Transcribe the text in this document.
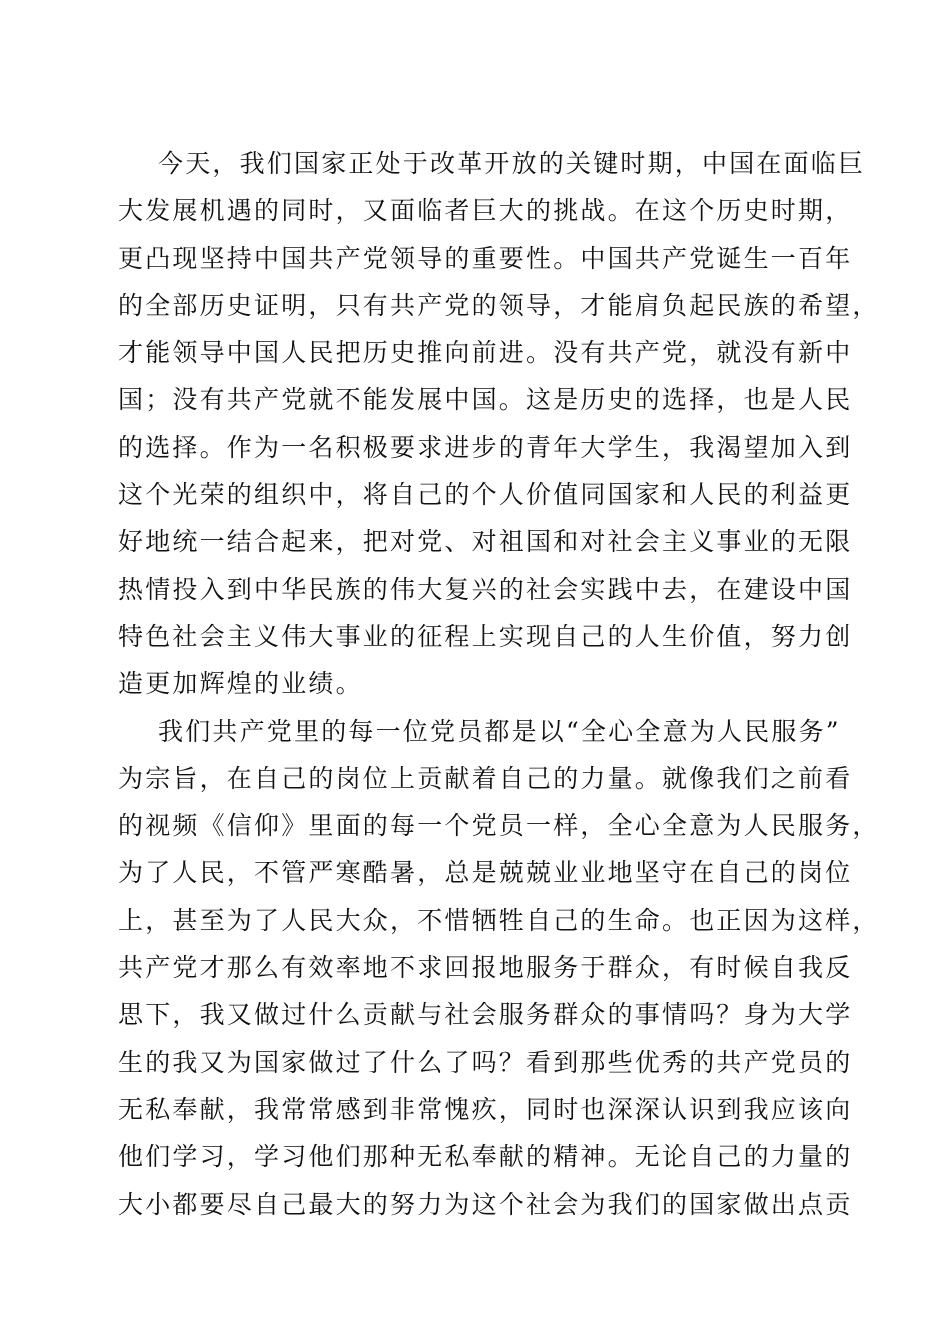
今天，我们国家正处于改革开放的关键时期，中国在面临巨
大发展机遇的同时，又面临者巨大的挑战。在这个历史时期，
更凸现坚持中国共产党领导的重要性。中国共产党诞生一百年
的全部历史证明，只有共产党的领导，才能肩负起民族的希望，
才能领导中国人民把历史推向前进。没有共产党，就没有新中
国；没有共产党就不能发展中国。这是历史的选择，也是人民
的选择。作为一名积极要求进步的青年大学生，我渴望加入到
这个光荣的组织中，将自己的个人价值同国家和人民的利益更
好地统一结合起来，把对党、对祖国和对社会主义事业的无限
热情投入到中华民族的伟大复兴的社会实践中去，在建设中国
特色社会主义伟大事业的征程上实现自己的人生价值，努力创
造更加辉煌的业绩。
我们共产党里的每一位党员都是以“全心全意为人民服务”
为宗旨，在自己的岗位上贡献着自己的力量。就像我们之前看
的视频《信仰》里面的每一个党员一样，全心全意为人民服务，
为了人民，不管严寒酷暑，总是兢兢业业地坚守在自己的岗位
上，甚至为了人民大众，不惜牺牲自己的生命。也正因为这样，
共产党才那么有效率地不求回报地服务于群众，有时候自我反
思下，我又做过什么贡献与社会服务群众的事情吗？身为大学
生的我又为国家做过了什么了吗？看到那些优秀的共产党员的
无私奉献，我常常感到非常愧疚，同时也深深认识到我应该向
他们学习，学习他们那种无私奉献的精神。无论自己的力量的
大小都要尽自己最大的努力为这个社会为我们的国家做出点贡
